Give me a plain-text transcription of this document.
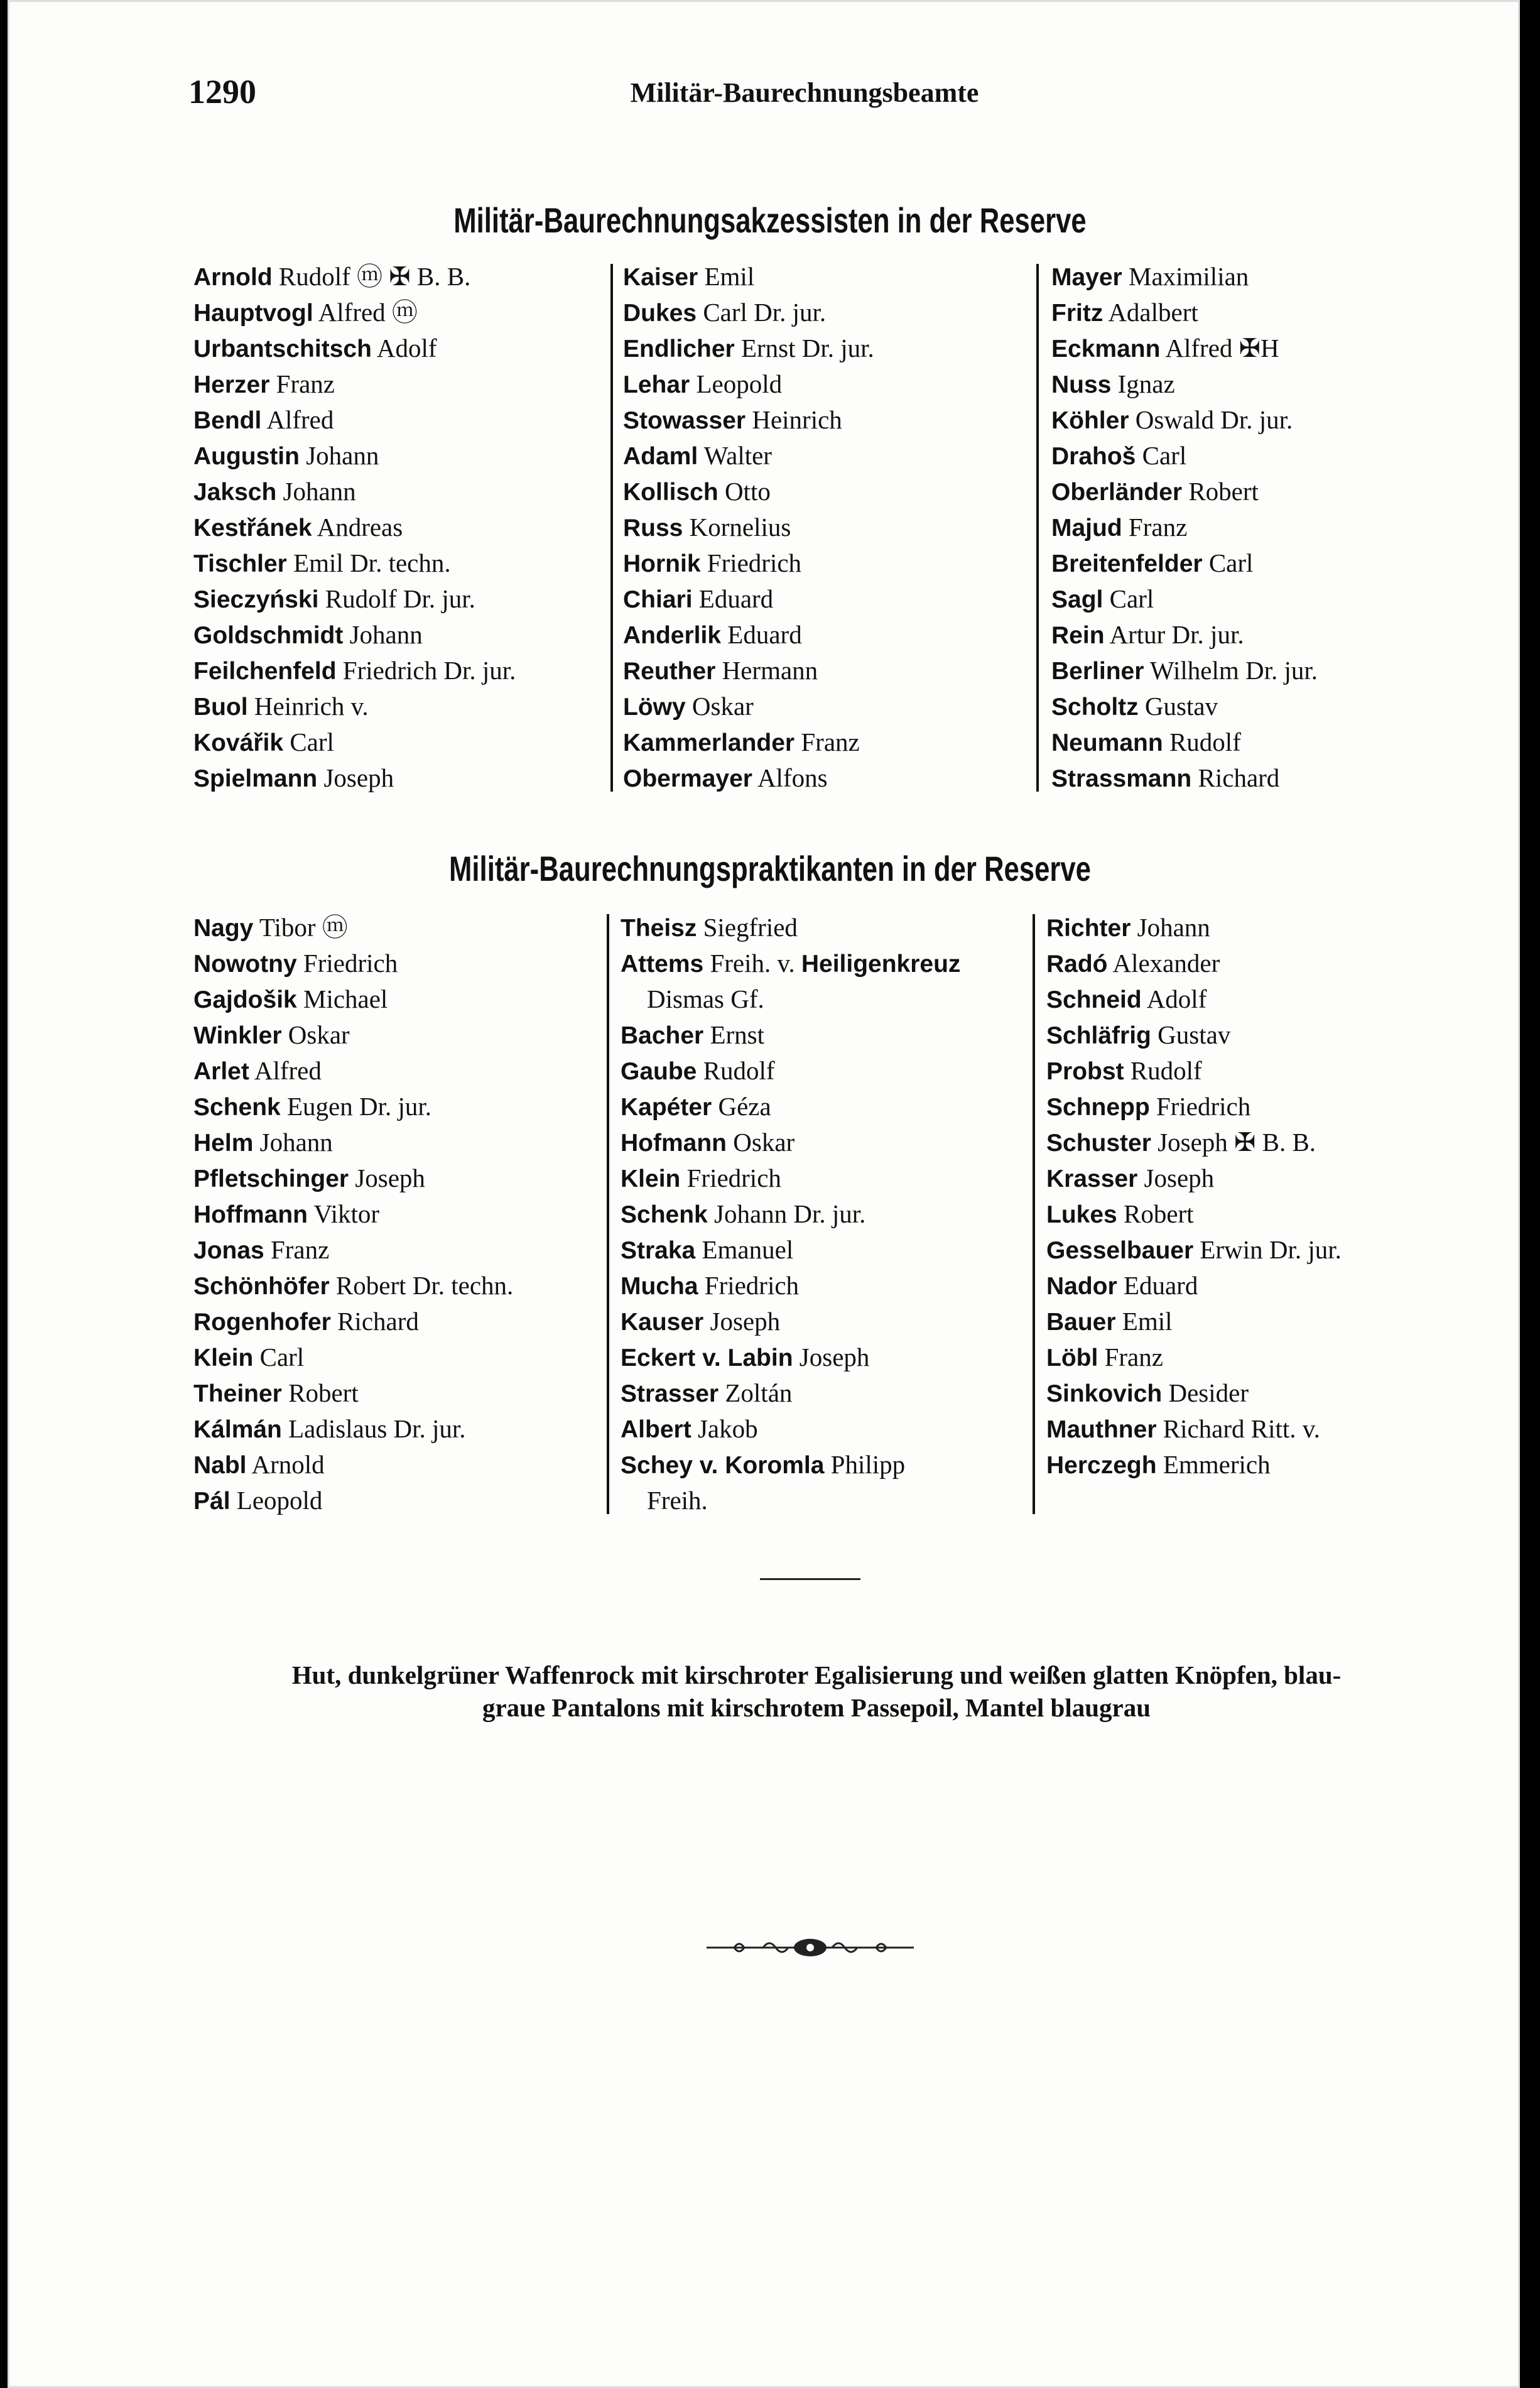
1290	Militär-Baurechnungsbeamte
Militär-Baurechnungsakzessisten in der Reserve
Arnold Rudolf ⓜ ✠ B. B.
Hauptvogl Alfred ⓜ
Urbantschitsch Adolf
Herzer Franz
Bendl Alfred
Augustin Johann
Jaksch Johann
Kestřánek Andreas
Tischler Emil Dr. techn.
Sieczyński Rudolf Dr. jur.
Goldschmidt Johann
Feilchenfeld Friedrich Dr. jur.
Buol Heinrich v.
Kovářik Carl
Spielmann Joseph
Kaiser Emil
Dukes Carl Dr. jur.
Endlicher Ernst Dr. jur.
Lehar Leopold
Stowasser Heinrich
Adaml Walter
Kollisch Otto
Russ Kornelius
Hornik Friedrich
Chiari Eduard
Anderlik Eduard
Reuther Hermann
Löwy Oskar
Kammerlander Franz
Obermayer Alfons
Mayer Maximilian
Fritz Adalbert
Eckmann Alfred ✠H
Nuss Ignaz
Köhler Oswald Dr. jur.
Drahoš Carl
Oberländer Robert
Majud Franz
Breitenfelder Carl
Sagl Carl
Rein Artur Dr. jur.
Berliner Wilhelm Dr. jur.
Scholtz Gustav
Neumann Rudolf
Strassmann Richard
Militär-Baurechnungspraktikanten in der Reserve
Nagy Tibor ⓜ
Nowotny Friedrich
Gajdošik Michael
Winkler Oskar
Arlet Alfred
Schenk Eugen Dr. jur.
Helm Johann
Pfletschinger Joseph
Hoffmann Viktor
Jonas Franz
Schönhöfer Robert Dr. techn.
Rogenhofer Richard
Klein Carl
Theiner Robert
Kálmán Ladislaus Dr. jur.
Nabl Arnold
Pál Leopold
Theisz Siegfried
Attems Freih. v. Heiligenkreuz
Dismas Gf.
Bacher Ernst
Gaube Rudolf
Kapéter Géza
Hofmann Oskar
Klein Friedrich
Schenk Johann Dr. jur.
Straka Emanuel
Mucha Friedrich
Kauser Joseph
Eckert v. Labin Joseph
Strasser Zoltán
Albert Jakob
Schey v. Koromla Philipp
Freih.
Richter Johann
Radó Alexander
Schneid Adolf
Schläfrig Gustav
Probst Rudolf
Schnepp Friedrich
Schuster Joseph ✠ B. B.
Krasser Joseph
Lukes Robert
Gesselbauer Erwin Dr. jur.
Nador Eduard
Bauer Emil
Löbl Franz
Sinkovich Desider
Mauthner Richard Ritt. v.
Herczegh Emmerich
Hut, dunkelgrüner Waffenrock mit kirschroter Egalisierung und weißen glatten Knöpfen, blau-
graue Pantalons mit kirschrotem Passepoil, Mantel blaugrau
